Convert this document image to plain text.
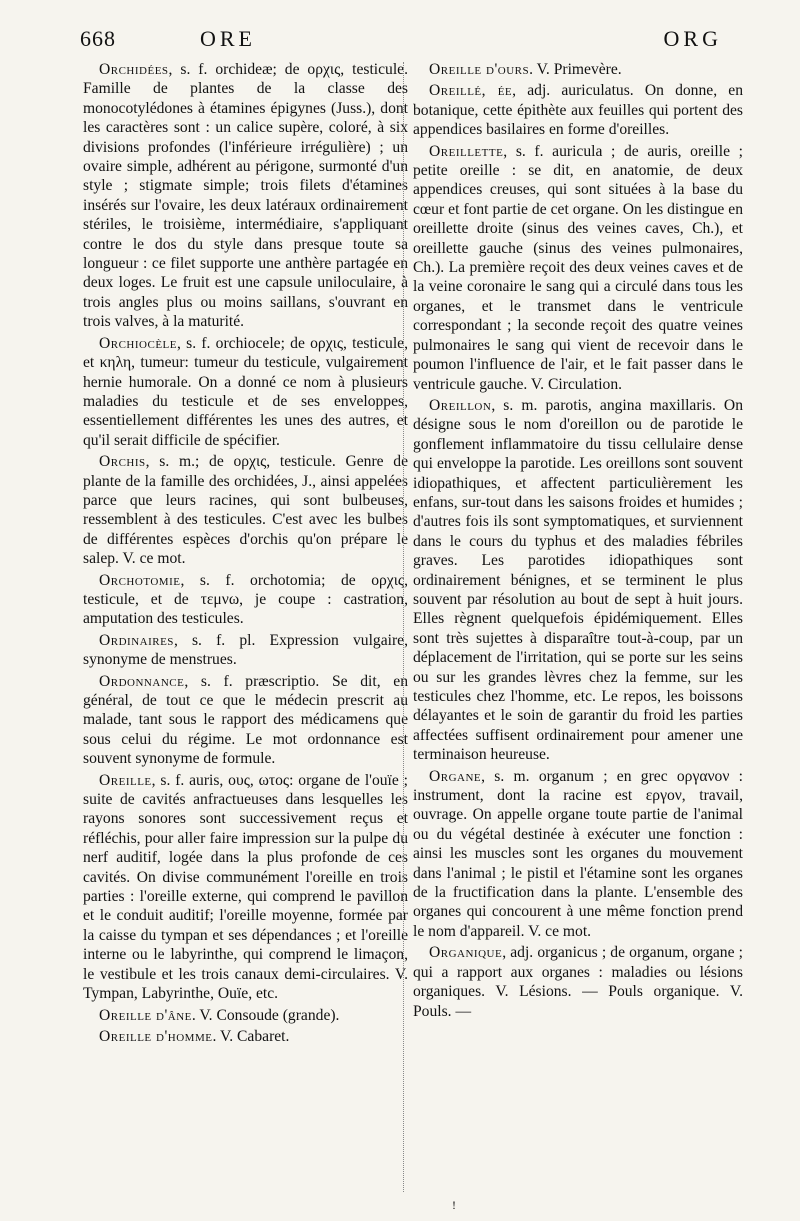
668	ORE	ORG

Orchidées, s. f. orchideæ; de ορχις, testicule. Famille de plantes de la classe des monocotylédones à étamines épigynes (Juss.), dont les caractères sont : un calice supère, coloré, à six divisions profondes (l'inférieure irrégulière) ; un ovaire simple, adhérent au périgone, surmonté d'un style ; stigmate simple; trois filets d'étamines insérés sur l'ovaire, les deux latéraux ordinairement stériles, le troisième, intermédiaire, s'appliquant contre le dos du style dans presque toute sa longueur : ce filet supporte une anthère partagée en deux loges. Le fruit est une capsule uniloculaire, à trois angles plus ou moins saillans, s'ouvrant en trois valves, à la maturité.

Orchiocèle, s. f. orchiocele; de ορχις, testicule, et κηλη, tumeur: tumeur du testicule, vulgairement hernie humorale. On a donné ce nom à plusieurs maladies du testicule et de ses enveloppes, essentiellement différentes les unes des autres, et qu'il serait difficile de spécifier.

Orchis, s. m.; de ορχις, testicule. Genre de plante de la famille des orchidées, J., ainsi appelées parce que leurs racines, qui sont bulbeuses, ressemblent à des testicules. C'est avec les bulbes de différentes espèces d'orchis qu'on prépare le salep. V. ce mot.

Orchotomie, s. f. orchotomia; de ορχις, testicule, et de τεμνω, je coupe : castration, amputation des testicules.

Ordinaires, s. f. pl. Expression vulgaire, synonyme de menstrues.

Ordonnance, s. f. præscriptio. Se dit, en général, de tout ce que le médecin prescrit au malade, tant sous le rapport des médicamens que sous celui du régime. Le mot ordonnance est souvent synonyme de formule.

Oreille, s. f. auris, ους, ωτος: organe de l'ouïe ; suite de cavités anfractueuses dans lesquelles les rayons sonores sont successivement reçus et réfléchis, pour aller faire impression sur la pulpe du nerf auditif, logée dans la plus profonde de ces cavités. On divise communément l'oreille en trois parties : l'oreille externe, qui comprend le pavillon et le conduit auditif; l'oreille moyenne, formée par la caisse du tympan et ses dépendances ; et l'oreille interne ou le labyrinthe, qui comprend le limaçon, le vestibule et les trois canaux demi-circulaires. V. Tympan, Labyrinthe, Ouïe, etc.

Oreille d'âne. V. Consoude (grande).

Oreille d'homme. V. Cabaret.

Oreille d'ours. V. Primevère.

Oreillé, ée, adj. auriculatus. On donne, en botanique, cette épithète aux feuilles qui portent des appendices basilaires en forme d'oreilles.

Oreillette, s. f. auricula ; de auris, oreille ; petite oreille : se dit, en anatomie, de deux appendices creuses, qui sont situées à la base du cœur et font partie de cet organe. On les distingue en oreillette droite (sinus des veines caves, Ch.), et oreillette gauche (sinus des veines pulmonaires, Ch.). La première reçoit des deux veines caves et de la veine coronaire le sang qui a circulé dans tous les organes, et le transmet dans le ventricule correspondant ; la seconde reçoit des quatre veines pulmonaires le sang qui vient de recevoir dans le poumon l'influence de l'air, et le fait passer dans le ventricule gauche. V. Circulation.

Oreillon, s. m. parotis, angina maxillaris. On désigne sous le nom d'oreillon ou de parotide le gonflement inflammatoire du tissu cellulaire dense qui enveloppe la parotide. Les oreillons sont souvent idiopathiques, et affectent particulièrement les enfans, sur-tout dans les saisons froides et humides ; d'autres fois ils sont symptomatiques, et surviennent dans le cours du typhus et des maladies fébriles graves. Les parotides idiopathiques sont ordinairement bénignes, et se terminent le plus souvent par résolution au bout de sept à huit jours. Elles règnent quelquefois épidémiquement. Elles sont très sujettes à disparaître tout-à-coup, par un déplacement de l'irritation, qui se porte sur les seins ou sur les grandes lèvres chez la femme, sur les testicules chez l'homme, etc. Le repos, les boissons délayantes et le soin de garantir du froid les parties affectées suffisent ordinairement pour amener une terminaison heureuse.

Organe, s. m. organum ; en grec οργανον : instrument, dont la racine est εργον, travail, ouvrage. On appelle organe toute partie de l'animal ou du végétal destinée à exécuter une fonction : ainsi les muscles sont les organes du mouvement dans l'animal ; le pistil et l'étamine sont les organes de la fructification dans la plante. L'ensemble des organes qui concourent à une même fonction prend le nom d'appareil. V. ce mot.

Organique, adj. organicus ; de organum, organe ; qui a rapport aux organes : maladies ou lésions organiques. V. Lésions. — Pouls organique. V. Pouls. —

!
